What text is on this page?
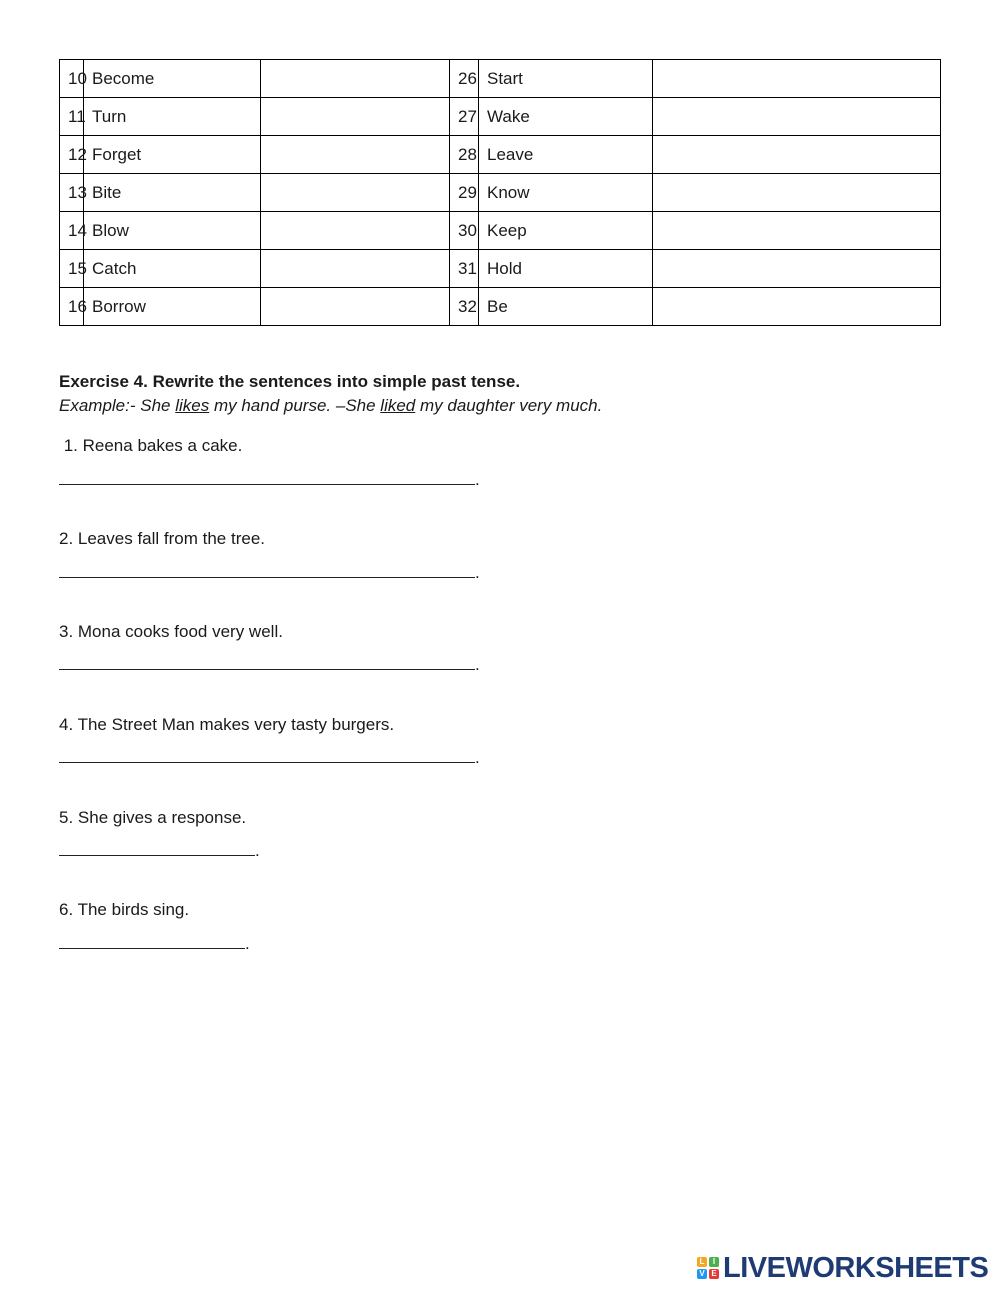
10	Become		26	Start	
11	Turn		27	Wake	
12	Forget		28	Leave	
13	Bite		29	Know	
14	Blow		30	Keep	
15	Catch		31	Hold	
16	Borrow		32	Be	

Exercise 4. Rewrite the sentences into simple past tense.

Example:- She likes my hand purse. –She liked my daughter very much.

1. Reena bakes a cake.

.

2. Leaves fall from the tree.

.

3. Mona cooks food very well.

.

4. The Street Man makes very tasty burgers.

.

5. She gives a response.

.

6. The birds sing.

.

L	I
V E LIVEWORKSHEETS
